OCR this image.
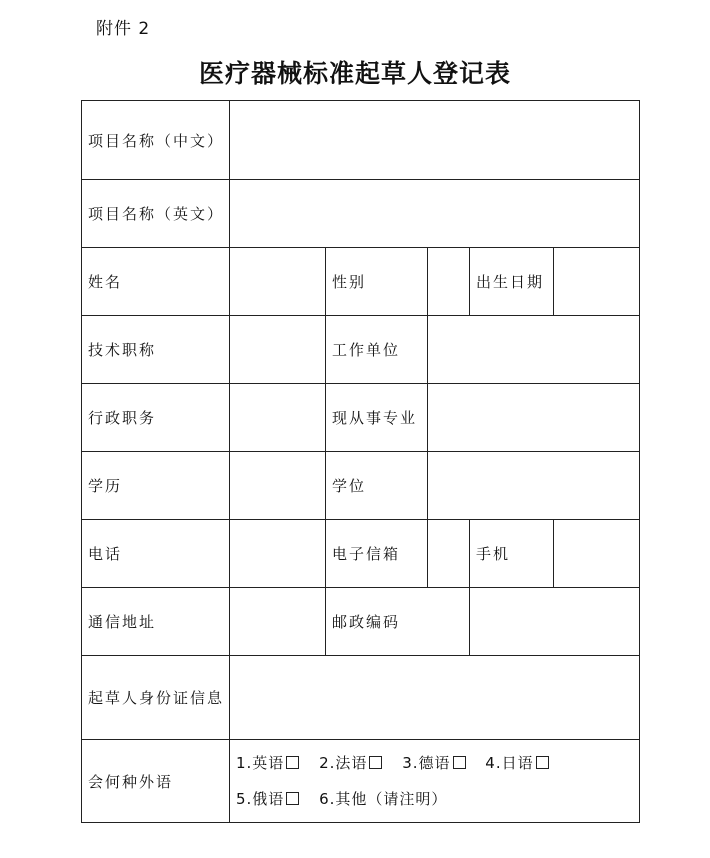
附件 2
医疗器械标准起草人登记表
项目名称（中文）					
项目名称（英文）					
姓名		性别		出生日期	
技术职称		工作单位			
行政职务		现从事专业			
学历		学位			
电话		电子信箱		手机	
通信地址		邮政编码			
起草人身份证信息					
会何种外语	1.英语 2.法语 3.德语 4.日语
5.俄语 6.其他（请注明）				
